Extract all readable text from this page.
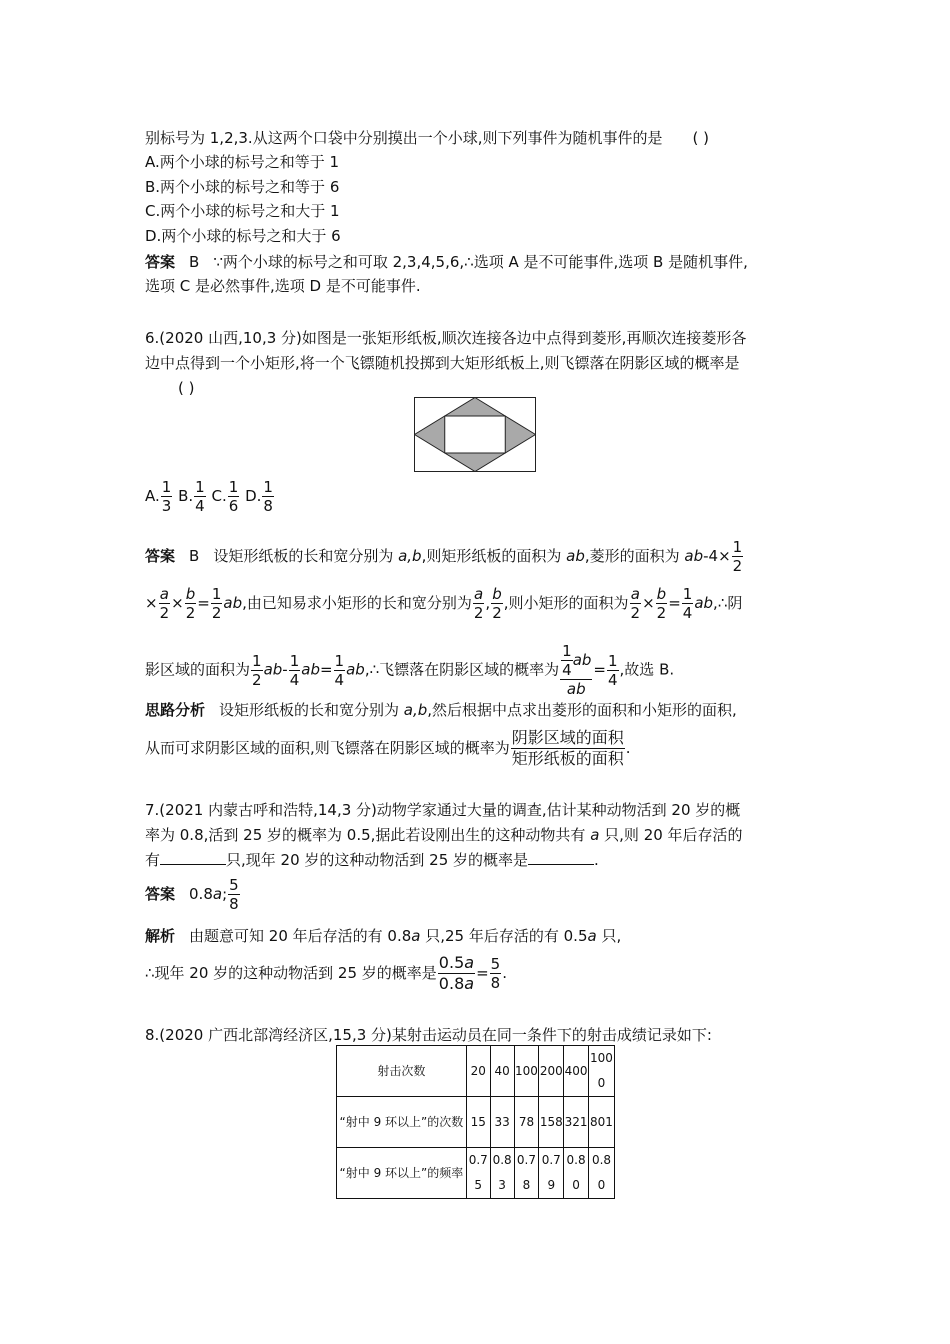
别标号为 1,2,3.从这两个口袋中分别摸出一个小球,则下列事件为随机事件的是 ( )
A.两个小球的标号之和等于 1
B.两个小球的标号之和等于 6
C.两个小球的标号之和大于 1
D.两个小球的标号之和大于 6
答案 B ∵两个小球的标号之和可取 2,3,4,5,6,∴选项 A 是不可能事件,选项 B 是随机事件,
选项 C 是必然事件,选项 D 是不可能事件.
6.(2020 山西,10,3 分)如图是一张矩形纸板,顺次连接各边中点得到菱形,再顺次连接菱形各
边中点得到一个小矩形,将一个飞镖随机投掷到大矩形纸板上,则飞镖落在阴影区域的概率是
( )
A. $\frac{1}{3} B$. $\frac{1}{4} C$. $\frac{1}{6} D$. $\frac{1}{8}$
答案 B 设矩形纸板的长和宽分别为 a,b,则矩形纸板的面积为 ab,菱形的面积为 $ab-4\times \frac{1}{2}$
× $\frac{a}{2} \times \frac{b}{2} = \frac{1}{2}$ ab,由已知易求小矩形的长和宽分别为 $\frac{a}{2}$ , $\frac{b}{2}$ ,则小矩形的面积为 $\frac{a}{2} \times \frac{b}{2} = \frac{1}{4}$ ab,∴阴
影区域的面积为 $\frac{1}{2} ab- \frac{1}{4} ab= \frac{1}{4}$ ab,∴飞镖落在阴影区域的概率为 $\frac{\frac{1}{4} ab}{ab} = \frac{1}{4}$ ,故选 B.
思路分析 设矩形纸板的长和宽分别为 a,b,然后根据中点求出菱形的面积和小矩形的面积,
从而可求阴影区域的面积,则飞镖落在阴影区域的概率为
阴影区域的面积
矩形纸板的面积
.
7.(2021 内蒙古呼和浩特,14,3 分)动物学家通过大量的调查,估计某种动物活到 20 岁的概
率为 0.8,活到 25 岁的概率为 0.5,据此若设刚出生的这种动物共有 a 只,则 20 年后存活的
有	只,现年 20 岁的这种动物活到 25 岁的概率是	.
答案 0.8a; $\frac{5}{8}$
解析 由题意可知 20 年后存活的有 0.8a 只,25 年后存活的有 0.5a 只,
∴现年 20 岁的这种动物活到 25 岁的概率是 $\frac{0.5a}{0.8a} = \frac{5}{8}$ .
8.(2020 广西北部湾经济区,15,3 分)某射击运动员在同一条件下的射击成绩记录如下:
射击次数	20	40	100	200	400	1000
“射中 9 环以上”的次数	15	33	78	158	321	801
“射中 9 环以上”的频率	0.75	0.83	0.78	0.79	0.80	0.80
